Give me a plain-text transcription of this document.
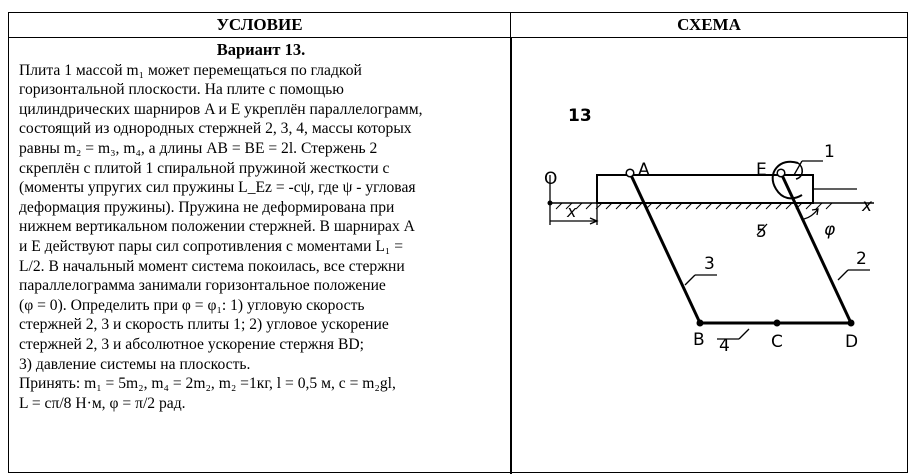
УСЛОВИЕ	СХЕМА
Вариант 13.

Плита 1 массой m₁ может перемещаться по гладкой

горизонтальной плоскости. На плите с помощью

цилиндрических шарниров A и E укреплён параллелограмм,

состоящий из однородных стержней 2, 3, 4, массы которых

равны m₂ = m₃, m₄, а длины AB = BE = 2l. Стержень 2

скреплён с плитой 1 спиральной пружиной жесткости с

(моменты упругих сил пружины L_Ez = -cψ, где ψ - угловая

деформация пружины). Пружина не деформирована при

нижнем вертикальном положении стержней. В шарнирах A

и E действуют пары сил сопротивления с моментами L₁ =

L/2. В начальный момент система покоилась, все стержни

параллелограмма занимали горизонтальное положение

(φ = 0). Определить при φ = φ₁: 1) угловую скорость

стержней 2, 3 и скорость плиты 1; 2) угловое ускорение

стержней 2, 3 и абсолютное ускорение стержня BD;

3) давление системы на плоскость.

Принять: m₁ = 5m₂, m₄ = 2m₂, m₂ =1кг, l = 0,5 м, c = m₂gl,

L = cπ/8 Н·м, φ = π/2 рад.

13
1
x
O
x
5	φ
A	E
B	C	D
3	2
4
